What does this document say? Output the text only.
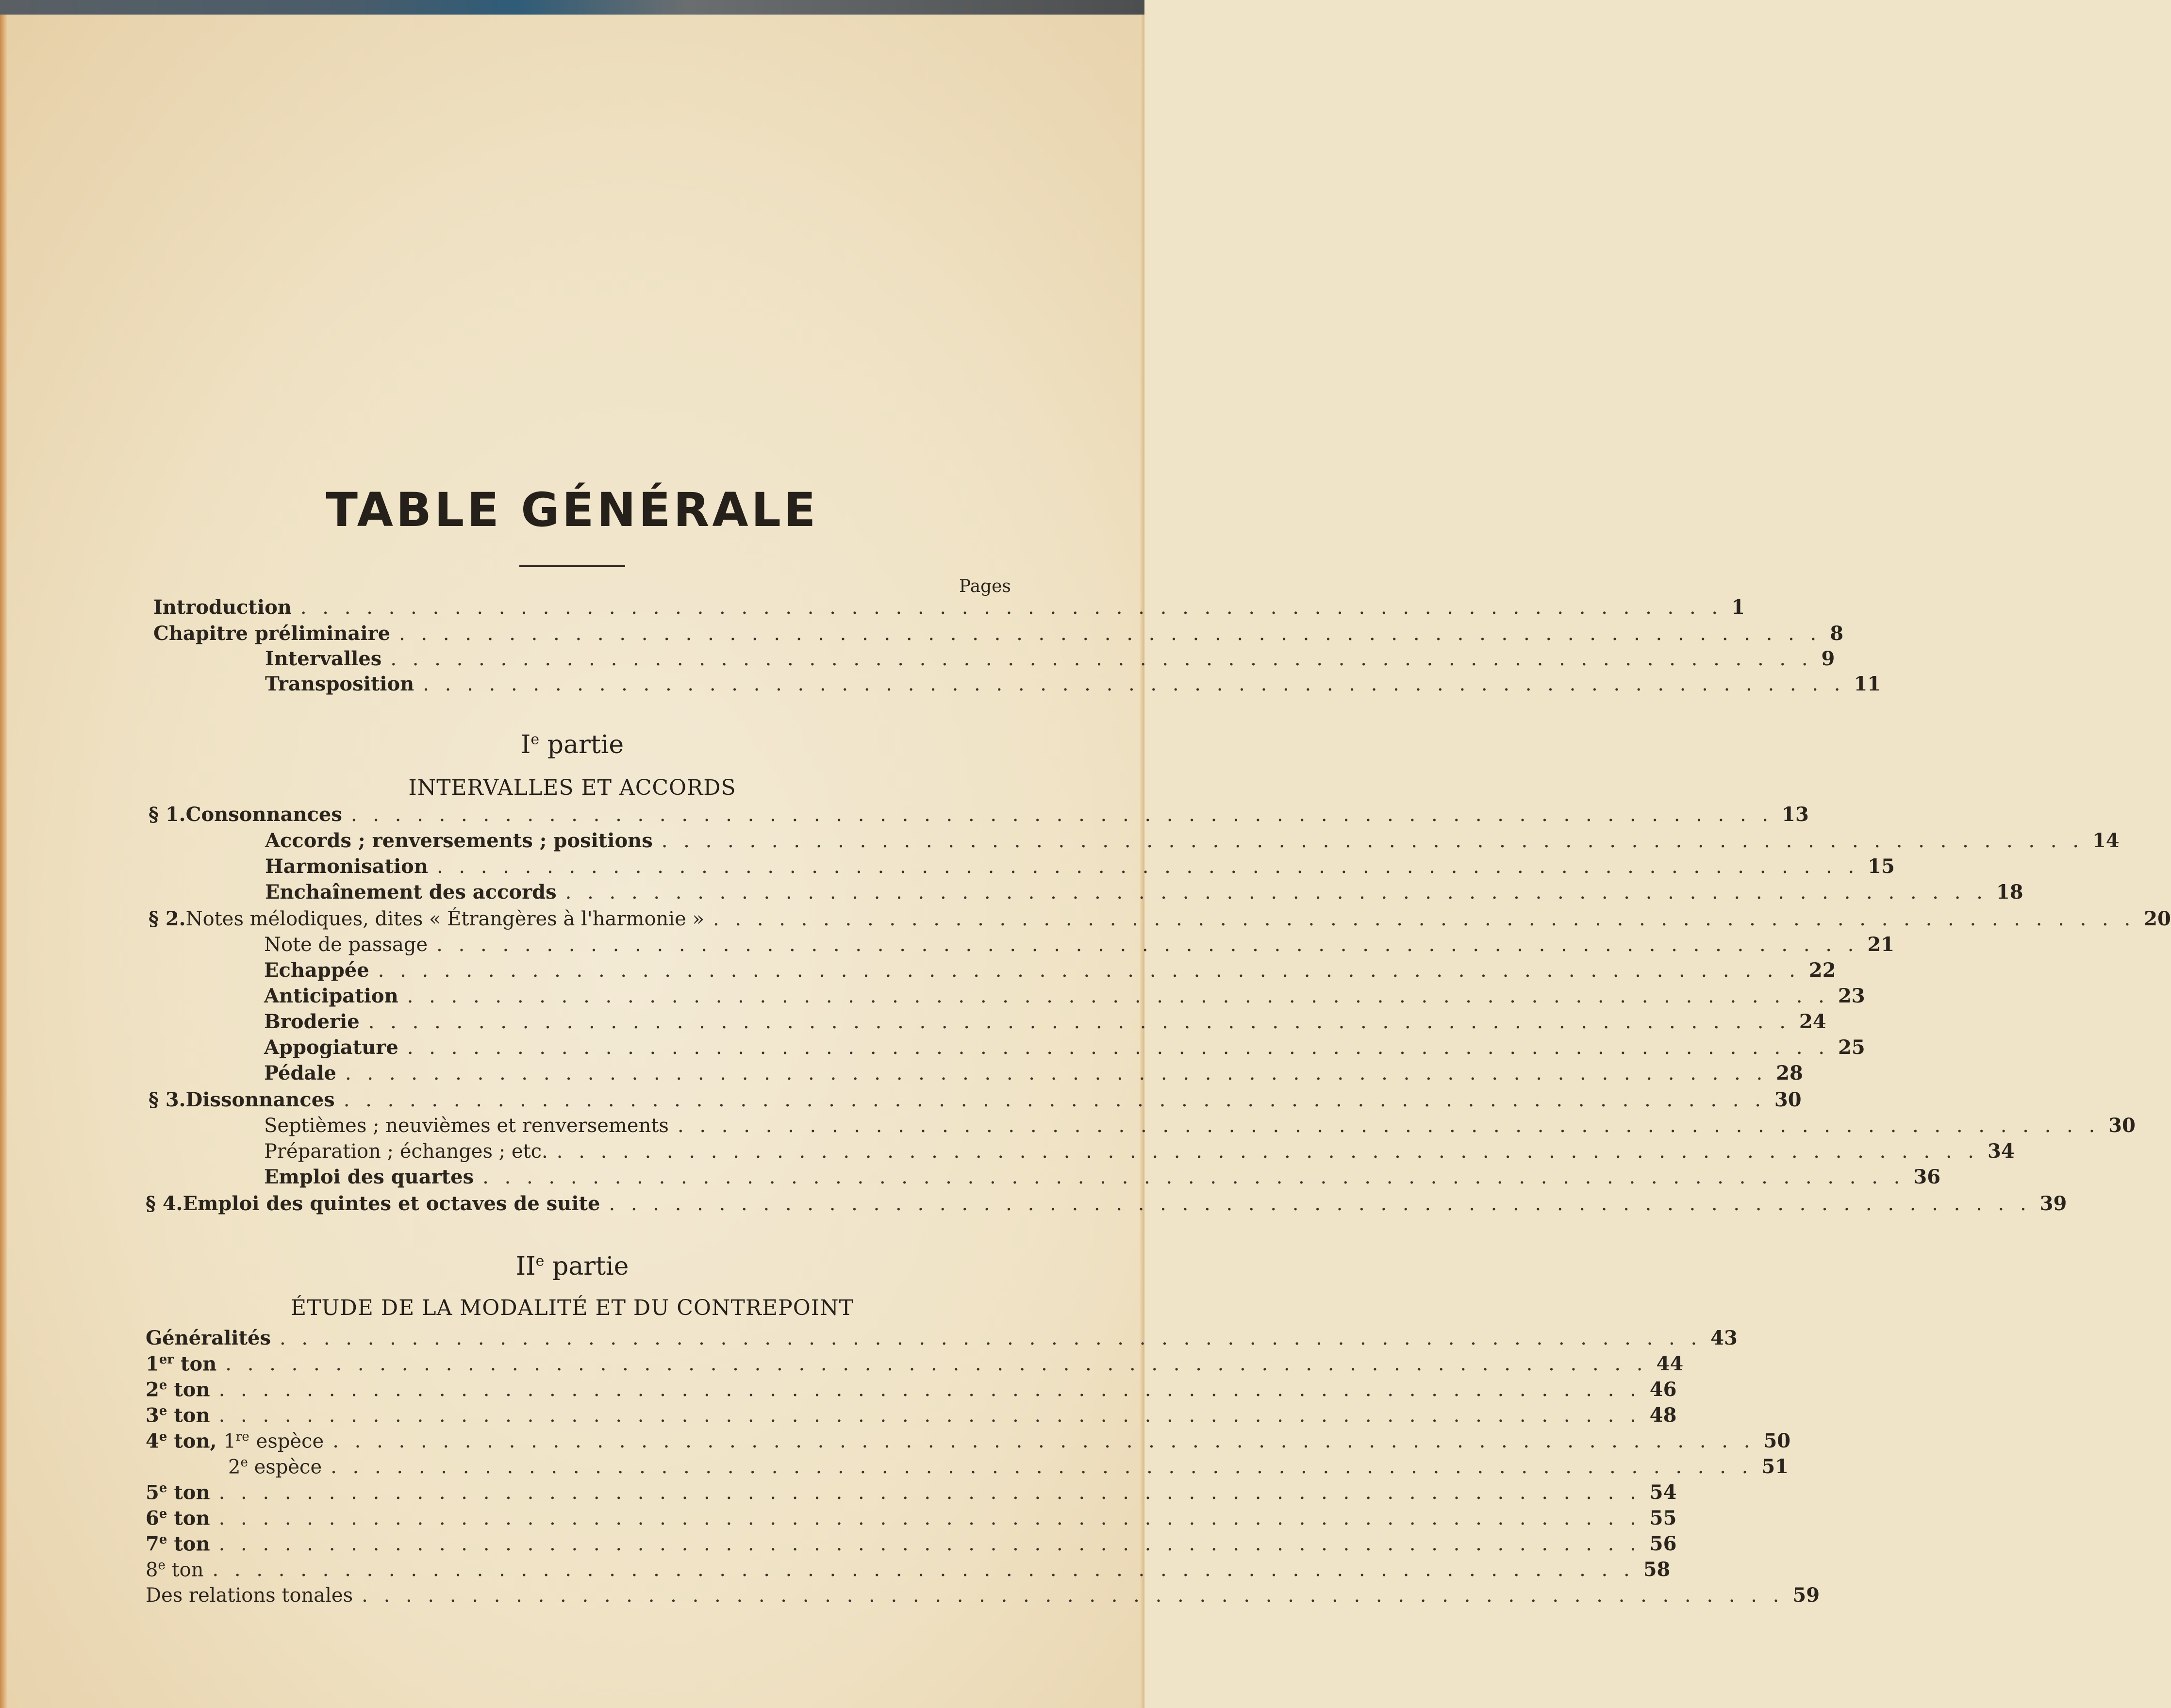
TABLE GÉNÉRALE
Pages
Introduction . . . . . . . . . . . . . . . . . . . . . . . . . . . . . . . . . . . . . . . . . . . . . . . . . . . . . . . . . . . . . . . . . 1
Chapitre préliminaire . . . . . . . . . . . . . . . . . . . . . . . . . . . . . . . . . . . . . . . . . . . . . . . . . . . . . . . . . . . . . . . . . 8
Intervalles . . . . . . . . . . . . . . . . . . . . . . . . . . . . . . . . . . . . . . . . . . . . . . . . . . . . . . . . . . . . . . . . . 9
Transposition . . . . . . . . . . . . . . . . . . . . . . . . . . . . . . . . . . . . . . . . . . . . . . . . . . . . . . . . . . . . . . . . . 11
Ie partie
INTERVALLES ET ACCORDS
§ 1. Consonnances . . . . . . . . . . . . . . . . . . . . . . . . . . . . . . . . . . . . . . . . . . . . . . . . . . . . . . . . . . . . . . . . . 13
Accords ; renversements ; positions . . . . . . . . . . . . . . . . . . . . . . . . . . . . . . . . . . . . . . . . . . . . . . . . . . . . . . . . . . . . . . . . . 14
Harmonisation . . . . . . . . . . . . . . . . . . . . . . . . . . . . . . . . . . . . . . . . . . . . . . . . . . . . . . . . . . . . . . . . . 15
Enchaînement des accords . . . . . . . . . . . . . . . . . . . . . . . . . . . . . . . . . . . . . . . . . . . . . . . . . . . . . . . . . . . . . . . . . 18
§ 2. Notes mélodiques, dites « Étrangères à l'harmonie » . . . . . . . . . . . . . . . . . . . . . . . . . . . . . . . . . . . . . . . . . . . . . . . . . . . . . . . . . . . . . . . . . 20
Note de passage . . . . . . . . . . . . . . . . . . . . . . . . . . . . . . . . . . . . . . . . . . . . . . . . . . . . . . . . . . . . . . . . . 21
Echappée . . . . . . . . . . . . . . . . . . . . . . . . . . . . . . . . . . . . . . . . . . . . . . . . . . . . . . . . . . . . . . . . . 22
Anticipation . . . . . . . . . . . . . . . . . . . . . . . . . . . . . . . . . . . . . . . . . . . . . . . . . . . . . . . . . . . . . . . . . 23
Broderie . . . . . . . . . . . . . . . . . . . . . . . . . . . . . . . . . . . . . . . . . . . . . . . . . . . . . . . . . . . . . . . . . 24
Appogiature . . . . . . . . . . . . . . . . . . . . . . . . . . . . . . . . . . . . . . . . . . . . . . . . . . . . . . . . . . . . . . . . . 25
Pédale . . . . . . . . . . . . . . . . . . . . . . . . . . . . . . . . . . . . . . . . . . . . . . . . . . . . . . . . . . . . . . . . . 28
§ 3. Dissonnances . . . . . . . . . . . . . . . . . . . . . . . . . . . . . . . . . . . . . . . . . . . . . . . . . . . . . . . . . . . . . . . . . 30
Septièmes ; neuvièmes et renversements . . . . . . . . . . . . . . . . . . . . . . . . . . . . . . . . . . . . . . . . . . . . . . . . . . . . . . . . . . . . . . . . . 30
Préparation ; échanges ; etc. . . . . . . . . . . . . . . . . . . . . . . . . . . . . . . . . . . . . . . . . . . . . . . . . . . . . . . . . . . . . . . . . . 34
Emploi des quartes . . . . . . . . . . . . . . . . . . . . . . . . . . . . . . . . . . . . . . . . . . . . . . . . . . . . . . . . . . . . . . . . . 36
§ 4. Emploi des quintes et octaves de suite . . . . . . . . . . . . . . . . . . . . . . . . . . . . . . . . . . . . . . . . . . . . . . . . . . . . . . . . . . . . . . . . . 39
IIe partie
ÉTUDE DE LA MODALITÉ ET DU CONTREPOINT
Généralités . . . . . . . . . . . . . . . . . . . . . . . . . . . . . . . . . . . . . . . . . . . . . . . . . . . . . . . . . . . . . . . . . 43
1er ton . . . . . . . . . . . . . . . . . . . . . . . . . . . . . . . . . . . . . . . . . . . . . . . . . . . . . . . . . . . . . . . . . 44
2e ton . . . . . . . . . . . . . . . . . . . . . . . . . . . . . . . . . . . . . . . . . . . . . . . . . . . . . . . . . . . . . . . . . 46
3e ton . . . . . . . . . . . . . . . . . . . . . . . . . . . . . . . . . . . . . . . . . . . . . . . . . . . . . . . . . . . . . . . . . 48
4e ton, 1re espèce . . . . . . . . . . . . . . . . . . . . . . . . . . . . . . . . . . . . . . . . . . . . . . . . . . . . . . . . . . . . . . . . . 50
2e espèce . . . . . . . . . . . . . . . . . . . . . . . . . . . . . . . . . . . . . . . . . . . . . . . . . . . . . . . . . . . . . . . . . 51
5e ton . . . . . . . . . . . . . . . . . . . . . . . . . . . . . . . . . . . . . . . . . . . . . . . . . . . . . . . . . . . . . . . . . 54
6e ton . . . . . . . . . . . . . . . . . . . . . . . . . . . . . . . . . . . . . . . . . . . . . . . . . . . . . . . . . . . . . . . . . 55
7e ton . . . . . . . . . . . . . . . . . . . . . . . . . . . . . . . . . . . . . . . . . . . . . . . . . . . . . . . . . . . . . . . . . 56
8e ton . . . . . . . . . . . . . . . . . . . . . . . . . . . . . . . . . . . . . . . . . . . . . . . . . . . . . . . . . . . . . . . . . 58
Des relations tonales . . . . . . . . . . . . . . . . . . . . . . . . . . . . . . . . . . . . . . . . . . . . . . . . . . . . . . . . . . . . . . . . . 59
